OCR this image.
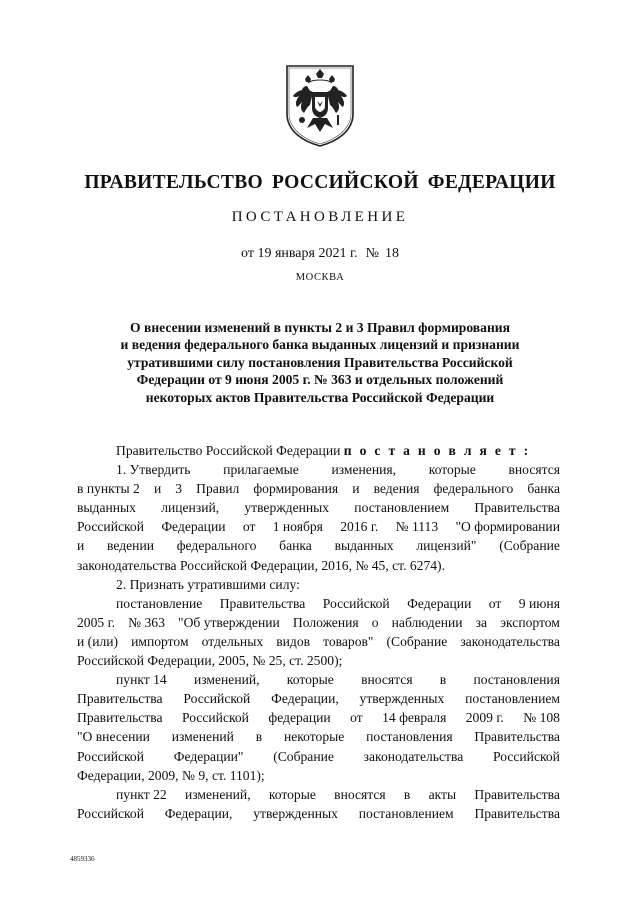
ПРАВИТЕЛЬСТВО РОССИЙСКОЙ ФЕДЕРАЦИИ
ПОСТАНОВЛЕНИЕ
от 19 января 2021 г. № 18
МОСКВА
О внесении изменений в пункты 2 и 3 Правил формирования
и ведения федерального банка выданных лицензий и признании
утратившими силу постановления Правительства Российской
Федерации от 9 июня 2005 г. № 363 и отдельных положений
некоторых актов Правительства Российской Федерации
Правительство Российской Федерации
п о с т а н о в л я е т :
1. Утвердить прилагаемые изменения, которые вносятся
в пункты 2 и 3 Правил формирования и ведения федерального банка
выданных лицензий, утвержденных постановлением Правительства
Российской Федерации от 1 ноября 2016 г. № 1113 "О формировании
и ведении федерального банка выданных лицензий" (Собрание
законодательства Российской Федерации, 2016, № 45, ст. 6274).
2. Признать утратившими силу:
постановление Правительства Российской Федерации от 9 июня
2005 г. № 363 "Об утверждении Положения о наблюдении за экспортом
и (или) импортом отдельных видов товаров" (Собрание законодательства
Российской Федерации, 2005, № 25, ст. 2500);
пункт 14 изменений, которые вносятся в постановления
Правительства Российской Федерации, утвержденных постановлением
Правительства Российской федерации от 14 февраля 2009 г. № 108
"О внесении изменений в некоторые постановления Правительства
Российской Федерации" (Собрание законодательства Российской
Федерации, 2009, № 9, ст. 1101);
пункт 22 изменений, которые вносятся в акты Правительства
Российской Федерации, утвержденных постановлением Правительства
4859336
